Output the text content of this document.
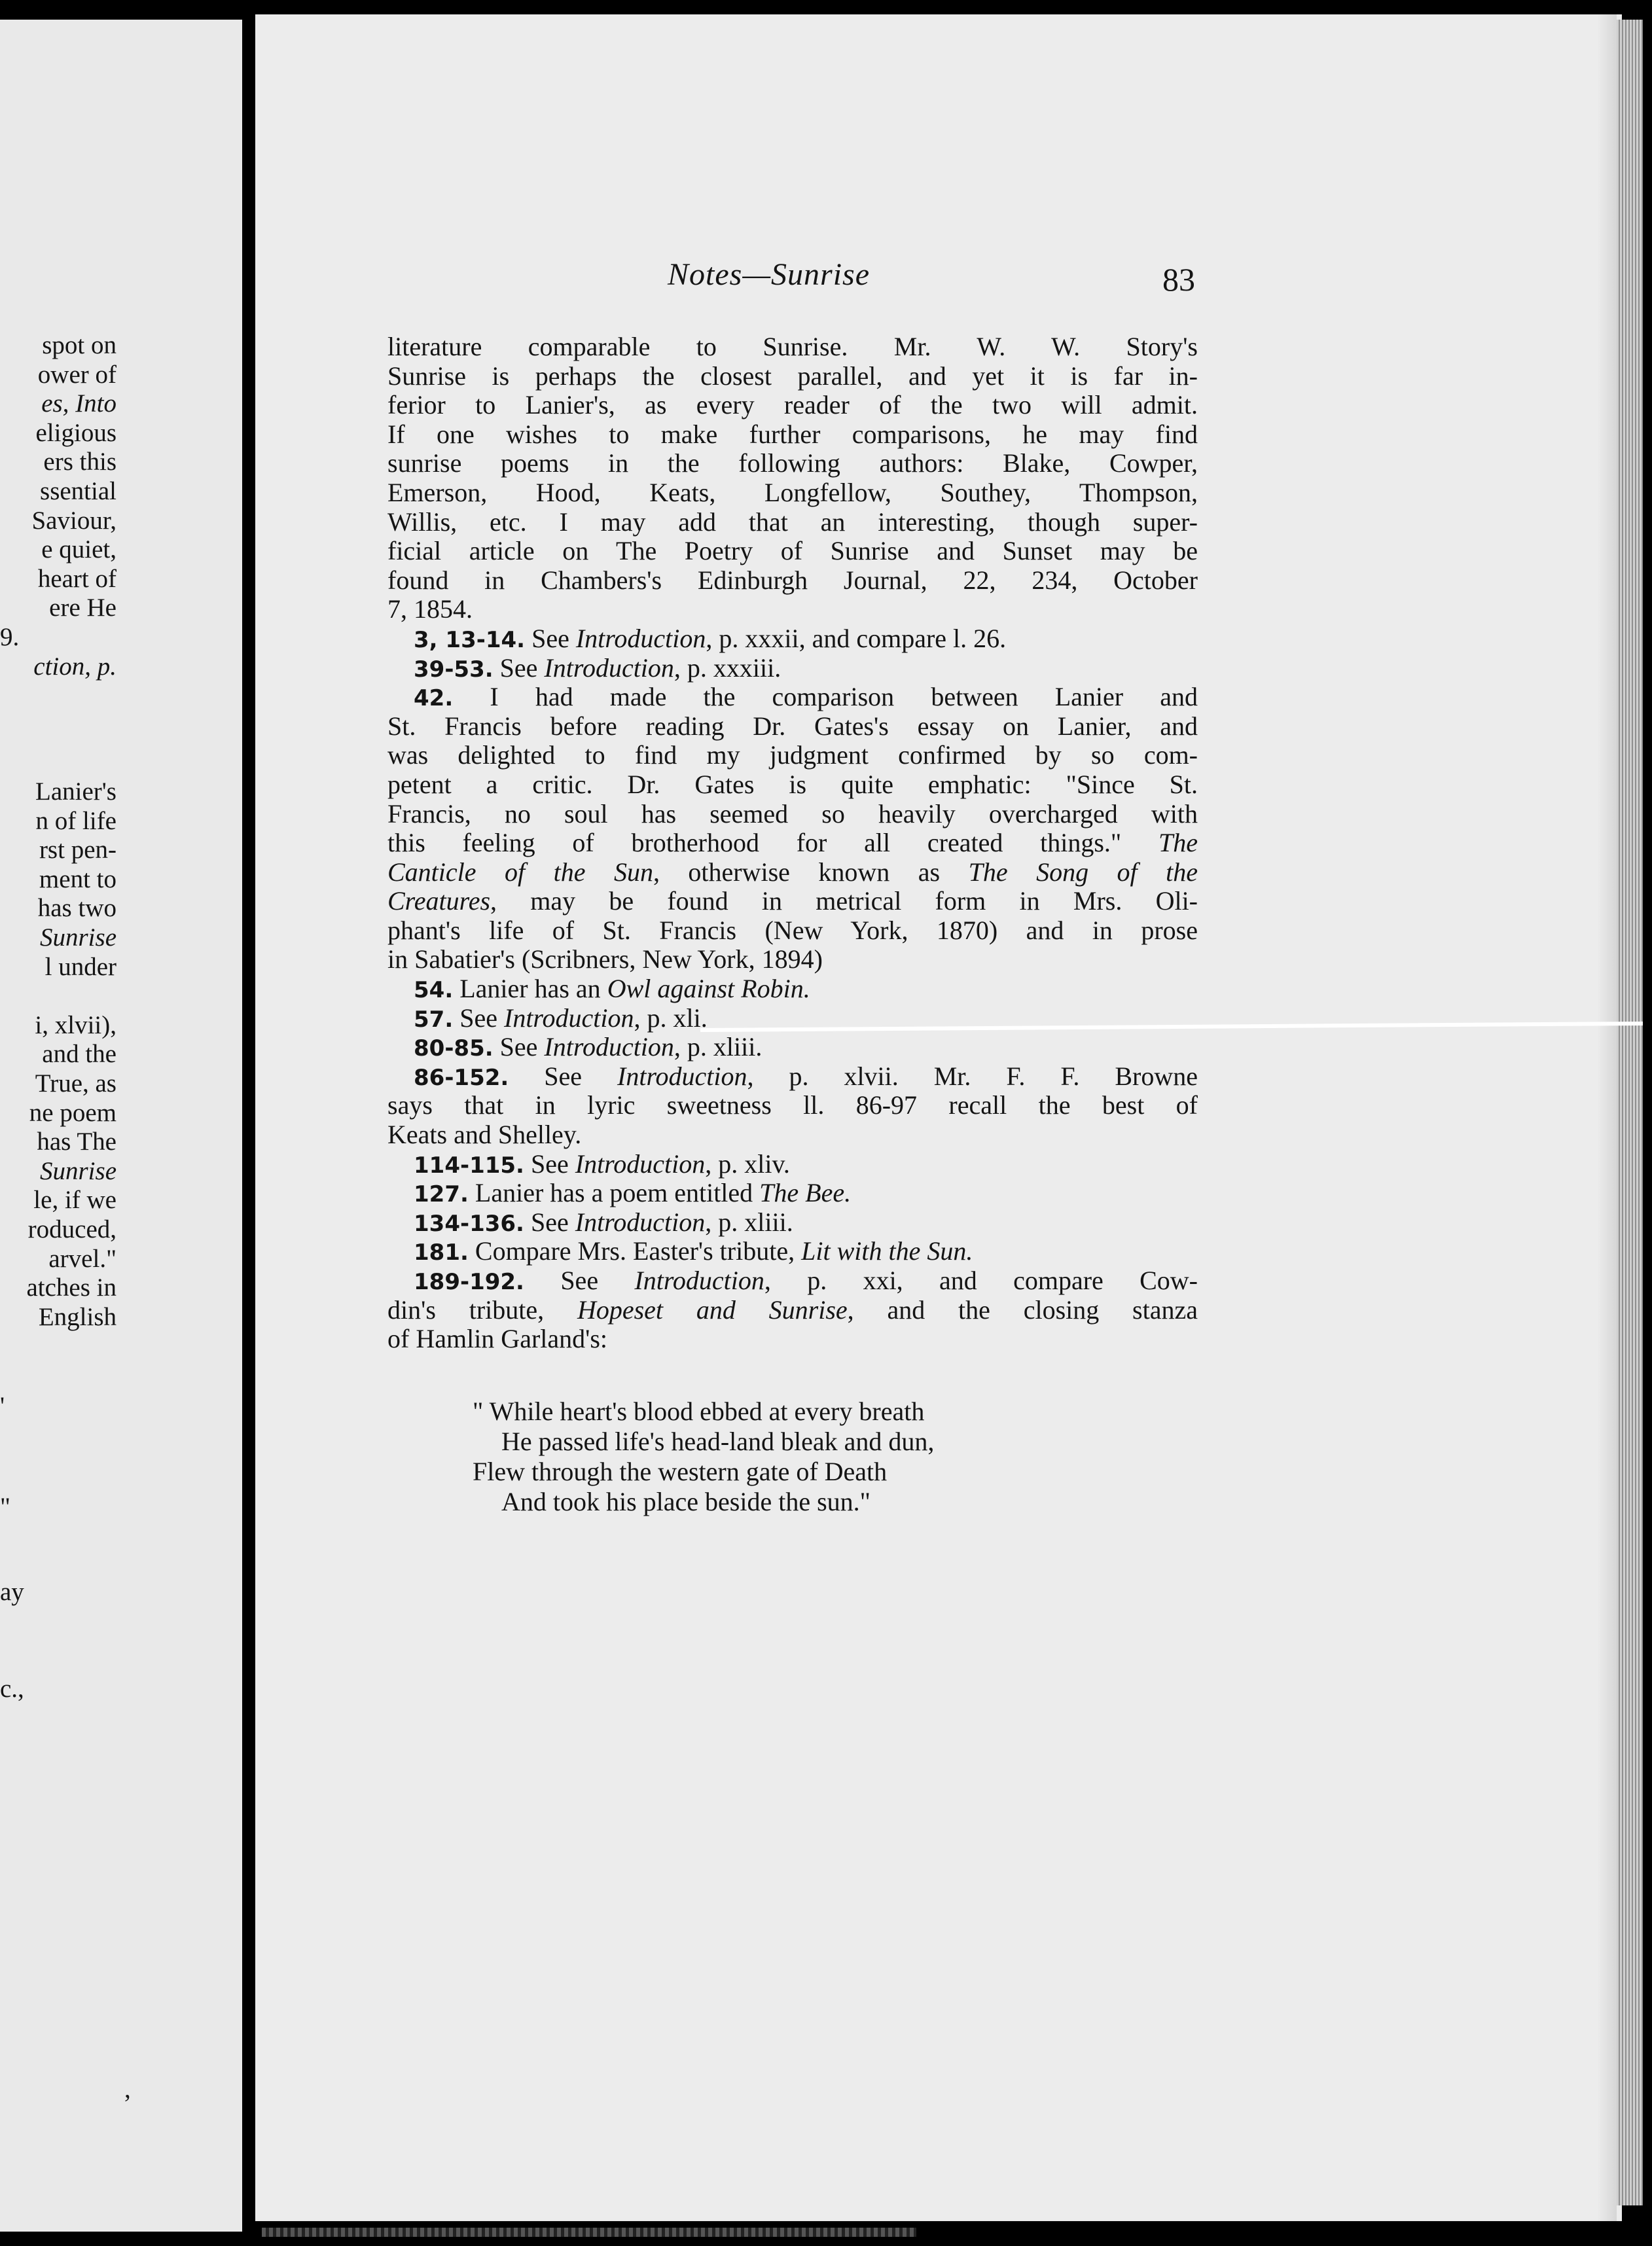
spot on
ower of
es, Into
eligious
ers this
ssential
Saviour,
e quiet,
heart of
ere He
9.
ction, p.
Lanier's
n of life
rst pen-
ment to
has two
Sunrise
l under
i, xlvii),
and the
True, as
ne poem
has The
Sunrise
le, if we
roduced,
arvel."
atches in
English
'
"
ay
c.,
,
Notes—Sunrise	83
literature comparable to Sunrise. Mr. W. W. Story's
Sunrise is perhaps the closest parallel, and yet it is far in-
ferior to Lanier's, as every reader of the two will admit.
If one wishes to make further comparisons, he may find
sunrise poems in the following authors: Blake, Cowper,
Emerson, Hood, Keats, Longfellow, Southey, Thompson,
Willis, etc. I may add that an interesting, though super-
ficial article on The Poetry of Sunrise and Sunset may be
found in Chambers's Edinburgh Journal, 22, 234, October
7, 1854.
3, 13-14. See Introduction, p. xxxii, and compare l. 26.
39-53. See Introduction, p. xxxiii.
42. I had made the comparison between Lanier and
St. Francis before reading Dr. Gates's essay on Lanier, and
was delighted to find my judgment confirmed by so com-
petent a critic. Dr. Gates is quite emphatic: "Since St.
Francis, no soul has seemed so heavily overcharged with
this feeling of brotherhood for all created things." The
Canticle of the Sun, otherwise known as The Song of the
Creatures, may be found in metrical form in Mrs. Oli-
phant's life of St. Francis (New York, 1870) and in prose
in Sabatier's (Scribners, New York, 1894)
54. Lanier has an Owl against Robin.
57. See Introduction, p. xli.
80-85. See Introduction, p. xliii.
86-152. See Introduction, p. xlvii. Mr. F. F. Browne
says that in lyric sweetness ll. 86-97 recall the best of
Keats and Shelley.
114-115. See Introduction, p. xliv.
127. Lanier has a poem entitled The Bee.
134-136. See Introduction, p. xliii.
181. Compare Mrs. Easter's tribute, Lit with the Sun.
189-192. See Introduction, p. xxi, and compare Cow-
din's tribute, Hopeset and Sunrise, and the closing stanza
of Hamlin Garland's:
" While heart's blood ebbed at every breath
He passed life's head-land bleak and dun,
Flew through the western gate of Death
And took his place beside the sun."
